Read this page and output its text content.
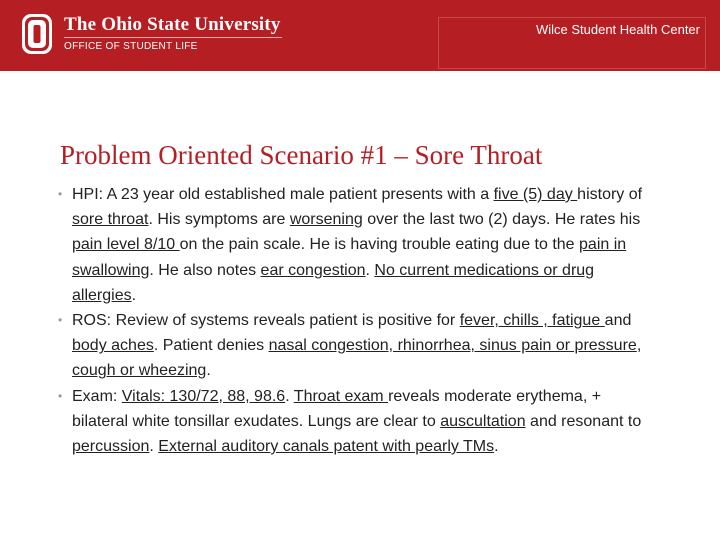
The Ohio State University
OFFICE OF STUDENT LIFE
Wilce Student Health Center
Problem Oriented Scenario #1 – Sore Throat
• HPI: A 23 year old established male patient presents with a five (5) day history of sore throat. His symptoms are worsening over the last two (2) days. He rates his pain level 8/10 on the pain scale. He is having trouble eating due to the pain in swallowing. He also notes ear congestion. No current medications or drug allergies.
• ROS: Review of systems reveals patient is positive for fever, chills , fatigue and body aches. Patient denies nasal congestion, rhinorrhea, sinus pain or pressure, cough or wheezing.
• Exam: Vitals: 130/72, 88, 98.6. Throat exam reveals moderate erythema, + bilateral white tonsillar exudates. Lungs are clear to auscultation and resonant to percussion. External auditory canals patent with pearly TMs.
